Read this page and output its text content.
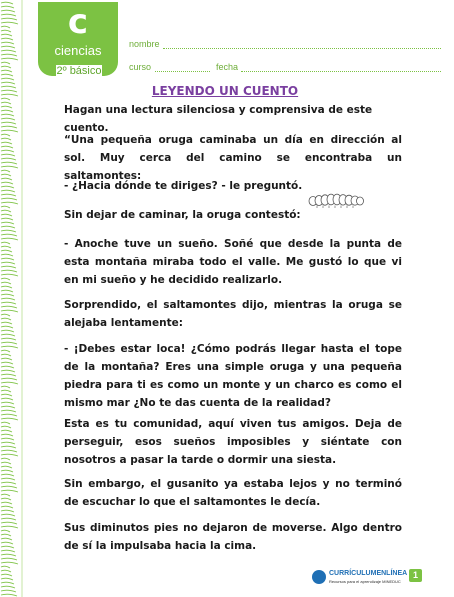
c
ciencias
2º básico
nombre
curso	fecha
LEYENDO UN CUENTO

Hagan una lectura silenciosa y comprensiva de este cuento.

“Una pequeña oruga caminaba un día en dirección al sol. Muy cerca del camino se encontraba un saltamontes:

- ¿Hacia dónde te diriges? - le preguntó.

Sin dejar de caminar, la oruga contestó:

- Anoche tuve un sueño. Soñé que desde la punta de esta montaña miraba todo el valle. Me gustó lo que vi en mi sueño y he decidido realizarlo.

Sorprendido, el saltamontes dijo, mientras la oruga se alejaba lentamente:

- ¡Debes estar loca! ¿Cómo podrás llegar hasta el tope de la montaña? Eres una simple oruga y una pequeña piedra para ti es como un monte y un charco es como el mismo mar ¿No te das cuenta de la realidad?

Esta es tu comunidad, aquí viven tus amigos. Deja de perseguir, esos sueños imposibles y siéntate con nosotros a pasar la tarde o dormir una siesta.

Sin embargo, el gusanito ya estaba lejos y no terminó de escuchar lo que el saltamontes le decía.

Sus diminutos pies no dejaron de moverse. Algo dentro de sí la impulsaba hacia la cima.

CURRÍCULUMENLÍNEA
Recursos para el aprendizaje MINEDUC
1
